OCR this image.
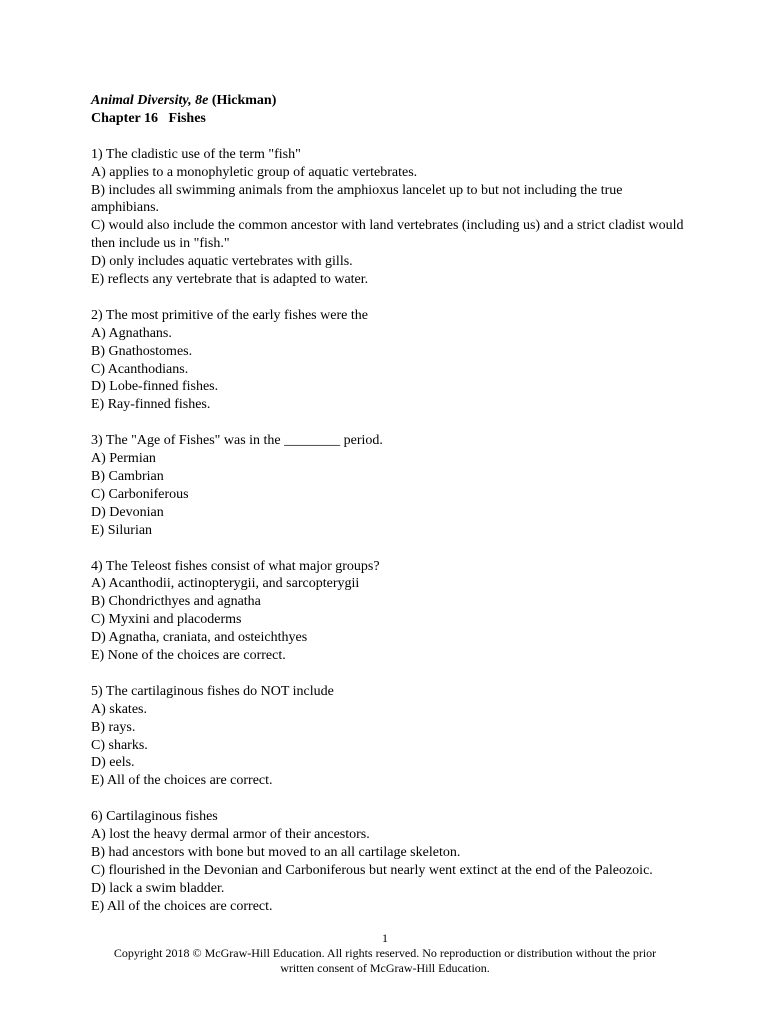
Animal Diversity, 8e (Hickman)

Chapter 16 Fishes

1) The cladistic use of the term "fish"

A) applies to a monophyletic group of aquatic vertebrates.

B) includes all swimming animals from the amphioxus lancelet up to but not including the true amphibians.

C) would also include the common ancestor with land vertebrates (including us) and a strict cladist would then include us in "fish."

D) only includes aquatic vertebrates with gills.

E) reflects any vertebrate that is adapted to water.

2) The most primitive of the early fishes were the

A) Agnathans.

B) Gnathostomes.

C) Acanthodians.

D) Lobe-finned fishes.

E) Ray-finned fishes.

3) The "Age of Fishes" was in the ________ period.

A) Permian

B) Cambrian

C) Carboniferous

D) Devonian

E) Silurian

4) The Teleost fishes consist of what major groups?

A) Acanthodii, actinopterygii, and sarcopterygii

B) Chondricthyes and agnatha

C) Myxini and placoderms

D) Agnatha, craniata, and osteichthyes

E) None of the choices are correct.

5) The cartilaginous fishes do NOT include

A) skates.

B) rays.

C) sharks.

D) eels.

E) All of the choices are correct.

6) Cartilaginous fishes

A) lost the heavy dermal armor of their ancestors.

B) had ancestors with bone but moved to an all cartilage skeleton.

C) flourished in the Devonian and Carboniferous but nearly went extinct at the end of the Paleozoic.

D) lack a swim bladder.

E) All of the choices are correct.

1

Copyright 2018 © McGraw-Hill Education. All rights reserved. No reproduction or distribution without the prior

written consent of McGraw-Hill Education.
